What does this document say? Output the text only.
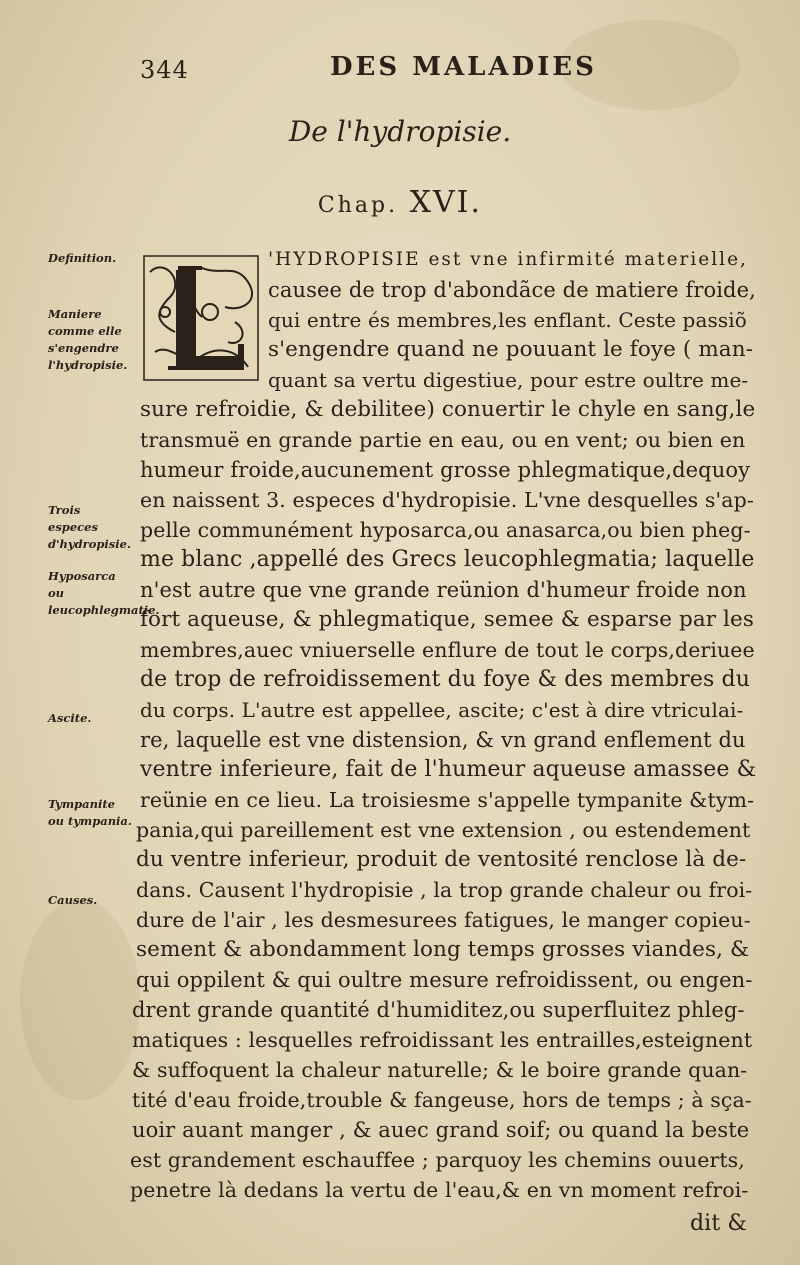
344	DES MALADIES
De l'hydropisie.
Chap. XVI.
Definition.
Maniere comme elle s'engendre l'hydropisie.
Trois especes d'hydropisie.
Hyposarca ou leucophlegmatie.
Ascite.
Tympanite ou tympania.
Causes.
'HYDROPISIE est vne infirmité materielle,
causee de trop d'abondãce de matiere froide,
qui entre és membres,les enflant. Ceste passiõ
s'engendre quand ne pouuant le foye ( man-
quant sa vertu digestiue, pour estre oultre me-
sure refroidie, & debilitee) conuertir le chyle en sang,le
transmuë en grande partie en eau, ou en vent; ou bien en
humeur froide,aucunement grosse phlegmatique,dequoy
en naissent 3. especes d'hydropisie. L'vne desquelles s'ap-
pelle communément hyposarca,ou anasarca,ou bien pheg-
me blanc ,appellé des Grecs leucophlegmatia; laquelle
n'est autre que vne grande reünion d'humeur froide non
fort aqueuse, & phlegmatique, semee & esparse par les
membres,auec vniuerselle enflure de tout le corps,deriuee
de trop de refroidissement du foye & des membres du
du corps. L'autre est appellee, ascite; c'est à dire vtriculai-
re, laquelle est vne distension, & vn grand enflement du
ventre inferieure, fait de l'humeur aqueuse amassee &
reünie en ce lieu. La troisiesme s'appelle tympanite &tym-
pania,qui pareillement est vne extension , ou estendement
du ventre inferieur, produit de ventosité renclose là de-
dans. Causent l'hydropisie , la trop grande chaleur ou froi-
dure de l'air , les desmesurees fatigues, le manger copieu-
sement & abondamment long temps grosses viandes, &
qui oppilent & qui oultre mesure refroidissent, ou engen-
drent grande quantité d'humiditez,ou superfluitez phleg-
matiques : lesquelles refroidissant les entrailles,esteignent
& suffoquent la chaleur naturelle; & le boire grande quan-
tité d'eau froide,trouble & fangeuse, hors de temps ; à sça-
uoir auant manger , & auec grand soif; ou quand la beste
est grandement eschauffee ; parquoy les chemins ouuerts,
penetre là dedans la vertu de l'eau,& en vn moment refroi-
dit &
